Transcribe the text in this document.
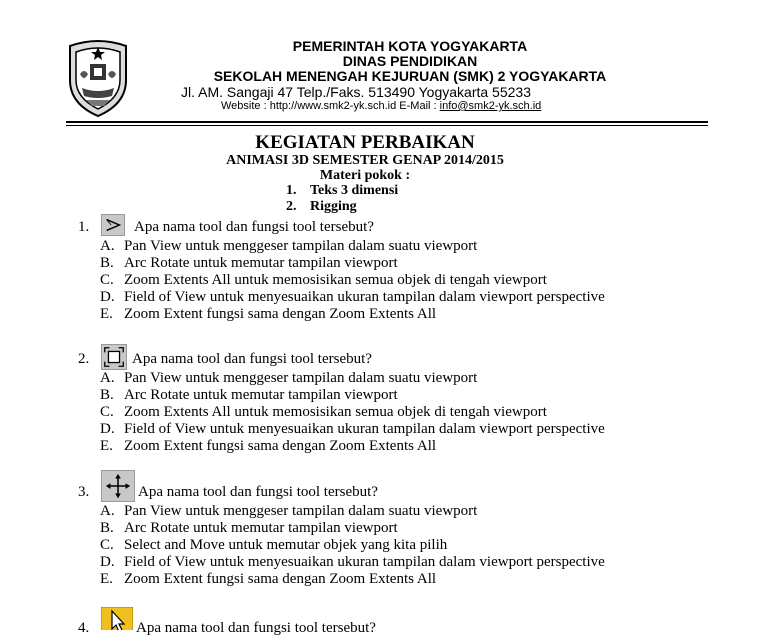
PEMERINTAH KOTA YOGYAKARTA
DINAS PENDIDIKAN
SEKOLAH MENENGAH KEJURUAN (SMK) 2 YOGYAKARTA
Jl. AM. Sangaji 47 Telp./Faks. 513490 Yogyakarta 55233
Website : http://www.smk2-yk.sch.id E-Mail : info@smk2-yk.sch.id
KEGIATAN PERBAIKAN
ANIMASI 3D SEMESTER GENAP 2014/2015
Materi pokok :
1. Teks 3 dimensi
2. Rigging
1.	Apa nama tool dan fungsi tool tersebut?
A. Pan View untuk menggeser tampilan dalam suatu viewport
B. Arc Rotate untuk memutar tampilan viewport
C. Zoom Extents All untuk memosisikan semua objek di tengah viewport
D. Field of View untuk menyesuaikan ukuran tampilan dalam viewport perspective
E. Zoom Extent fungsi sama dengan Zoom Extents All
2.	Apa nama tool dan fungsi tool tersebut?
A. Pan View untuk menggeser tampilan dalam suatu viewport
B. Arc Rotate untuk memutar tampilan viewport
C. Zoom Extents All untuk memosisikan semua objek di tengah viewport
D. Field of View untuk menyesuaikan ukuran tampilan dalam viewport perspective
E. Zoom Extent fungsi sama dengan Zoom Extents All
3.	Apa nama tool dan fungsi tool tersebut?
A. Pan View untuk menggeser tampilan dalam suatu viewport
B. Arc Rotate untuk memutar tampilan viewport
C. Select and Move untuk memutar objek yang kita pilih
D. Field of View untuk menyesuaikan ukuran tampilan dalam viewport perspective
E. Zoom Extent fungsi sama dengan Zoom Extents All
4.	Apa nama tool dan fungsi tool tersebut?
